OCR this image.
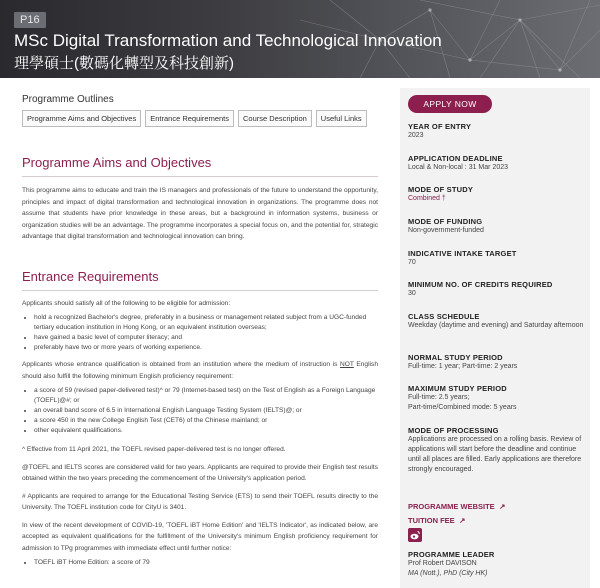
P16
MSc Digital Transformation and Technological Innovation
理學碩士(數碼化轉型及科技創新)
Programme Outlines
Programme Aims and Objectives	Entrance Requirements	Course Description	Useful Links
Programme Aims and Objectives

This programme aims to educate and train the IS managers and professionals of the future to understand the opportunity, principles and impact of digital transformation and technological innovation in organizations. The programme does not assume that students have prior knowledge in these areas, but a background in information systems, business or organization studies will be an advantage. The programme incorporates a special focus on, and the potential for, strategic advantage that digital transformation and technological innovation can bring.

Entrance Requirements

Applicants should satisfy all of the following to be eligible for admission:

• hold a recognized Bachelor's degree, preferably in a business or management related subject from a UGC-funded tertiary education institution in Hong Kong, or an equivalent institution overseas;
• have gained a basic level of computer literacy; and
• preferably have two or more years of working experience.

Applicants whose entrance qualification is obtained from an institution where the medium of instruction is NOT English should also fulfill the following minimum English proficiency requirement:

• a score of 59 (revised paper-delivered test)^ or 79 (Internet-based test) on the Test of English as a Foreign Language (TOEFL)@#; or
• an overall band score of 6.5 in International English Language Testing System (IELTS)@; or
• a score 450 in the new College English Test (CET6) of the Chinese mainland; or
• other equivalent qualifications.

^ Effective from 11 April 2021, the TOEFL revised paper-delivered test is no longer offered.

@TOEFL and IELTS scores are considered valid for two years. Applicants are required to provide their English test results obtained within the two years preceding the commencement of the University's application period.

# Applicants are required to arrange for the Educational Testing Service (ETS) to send their TOEFL results directly to the University. The TOEFL institution code for CityU is 3401.

In view of the recent development of COVID-19, 'TOEFL iBT Home Edition' and 'IELTS Indicator', as indicated below, are accepted as equivalent qualifications for the fulfillment of the University's minimum English proficiency requirement for admission to TPg programmes with immediate effect until further notice:

• TOEFL iBT Home Edition: a score of 79
APPLY NOW
YEAR OF ENTRY
2023
APPLICATION DEADLINE
Local & Non-local : 31 Mar 2023
MODE OF STUDY
Combined †
MODE OF FUNDING
Non-government-funded
INDICATIVE INTAKE TARGET
70
MINIMUM NO. OF CREDITS REQUIRED
30
CLASS SCHEDULE
Weekday (daytime and evening) and Saturday afternoon
NORMAL STUDY PERIOD
Full-time: 1 year; Part-time: 2 years
MAXIMUM STUDY PERIOD
Full-time: 2.5 years;
Part-time/Combined mode: 5 years
MODE OF PROCESSING
Applications are processed on a rolling basis. Review of applications will start before the deadline and continue until all places are filled. Early applications are therefore strongly encouraged.
PROGRAMME WEBSITE ↗
TUITION FEE ↗
PROGRAMME LEADER
Prof Robert DAVISON
MA (Nott.), PhD (City HK)
